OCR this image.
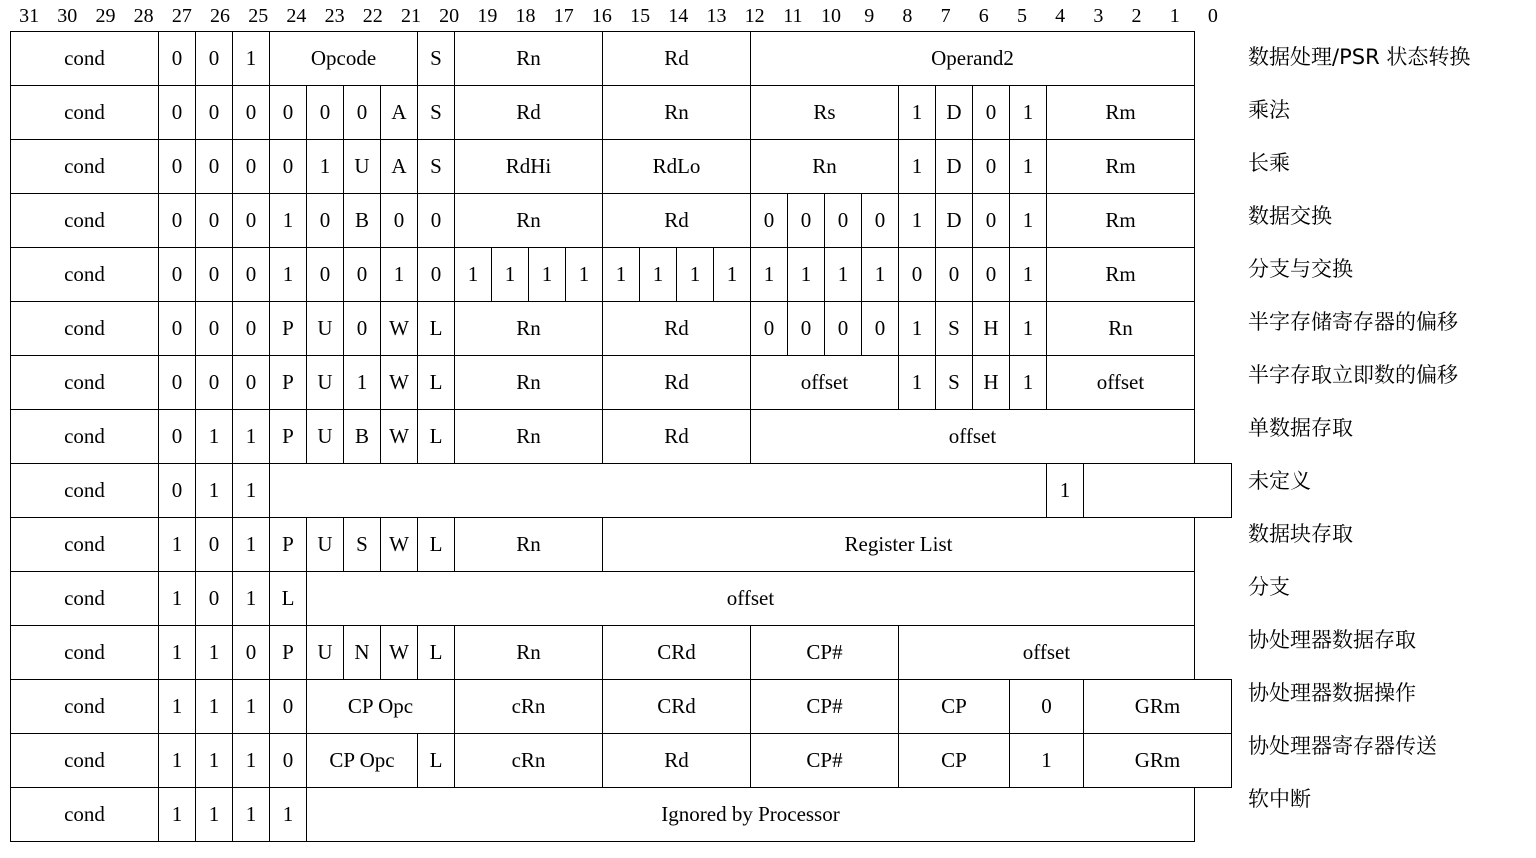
31 30 29 28 27 26 25 24 23 22 21 20 19 18 17 16 15 14 13 12 11 10 9 8 7 6 5 4 3 2 1 0
cond	0	0	1	Opcode				S	Rn				Rd				Operand2									
cond	0	0	0	0	0	0	A	S	Rd				Rn				Rs				1	D	0	1	Rm	
cond	0	0	0	0	1	U	A	S	RdHi				RdLo				Rn				1	D	0	1	Rm	
cond	0	0	0	1	0	B	0	0	Rn				Rd				0	0	0	0	1	D	0	1	Rm	
cond	0	0	0	1	0	0	1	0	1	1	1	1	1	1	1	1	1	1	1	1	0	0	0	1	Rm	
cond	0	0	0	P	U	0	W	L	Rn				Rd				0	0	0	0	1	S	H	1	Rn	
cond	0	0	0	P	U	1	W	L	Rn				Rd				offset				1	S	H	1	offset	
cond	0	1	1	P	U	B	W	L	Rn				Rd				offset									
cond	0	1	1																						1	
cond	1	0	1	P	U	S	W	L	Rn				Register List													
cond	1	0	1	L	offset																					
cond	1	1	0	P	U	N	W	L	Rn				CRd				CP#				offset					
cond	1	1	1	0	CP Opc				cRn				CRd				CP#				CP			0		GRm
cond	1	1	1	0	CP Opc			L	cRn				Rd				CP#				CP			1		GRm
cond	1	1	1	1	Ignored by Processor																					
数据处理/PSR 状态转换
乘法
长乘
数据交换
分支与交换
半字存储寄存器的偏移
半字存取立即数的偏移
单数据存取
未定义
数据块存取
分支
协处理器数据存取
协处理器数据操作
协处理器寄存器传送
软中断
